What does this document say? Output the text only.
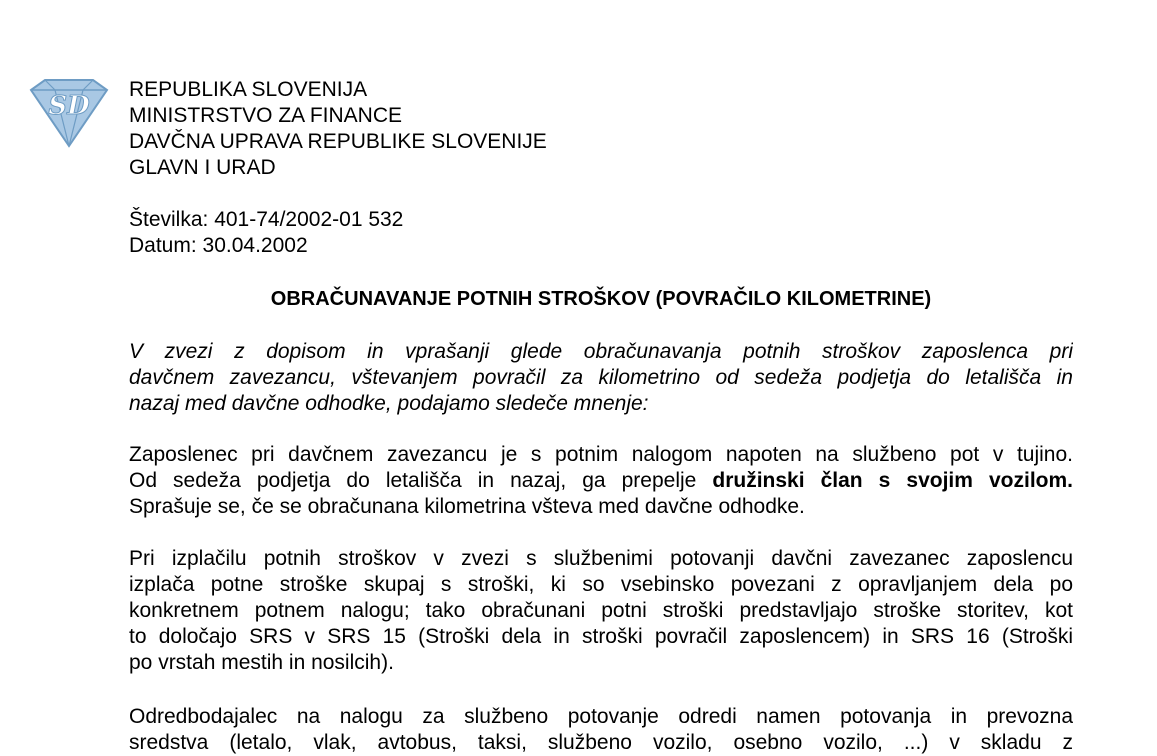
SD
REPUBLIKA SLOVENIJA
MINISTRSTVO ZA FINANCE
DAVČNA UPRAVA REPUBLIKE SLOVENIJE
GLAVN I URAD
Številka: 401-74/2002-01 532
Datum: 30.04.2002
OBRAČUNAVANJE POTNIH STROŠKOV (POVRAČILO KILOMETRINE)
V zvezi z dopisom in vprašanji glede obračunavanja potnih stroškov zaposlenca pri
davčnem zavezancu, vštevanjem povračil za kilometrino od sedeža podjetja do letališča in
nazaj med davčne odhodke, podajamo sledeče mnenje:
Zaposlenec pri davčnem zavezancu je s potnim nalogom napoten na službeno pot v tujino.
Od sedeža podjetja do letališča in nazaj, ga prepelje družinski član s svojim vozilom.
Sprašuje se, če se obračunana kilometrina všteva med davčne odhodke.
Pri izplačilu potnih stroškov v zvezi s službenimi potovanji davčni zavezanec zaposlencu
izplača potne stroške skupaj s stroški, ki so vsebinsko povezani z opravljanjem dela po
konkretnem potnem nalogu; tako obračunani potni stroški predstavljajo stroške storitev, kot
to določajo SRS v SRS 15 (Stroški dela in stroški povračil zaposlencem) in SRS 16 (Stroški
po vrstah mestih in nosilcih).
Odredbodajalec na nalogu za službeno potovanje odredi namen potovanja in prevozna
sredstva (letalo, vlak, avtobus, taksi, službeno vozilo, osebno vozilo, ...) v skladu z
